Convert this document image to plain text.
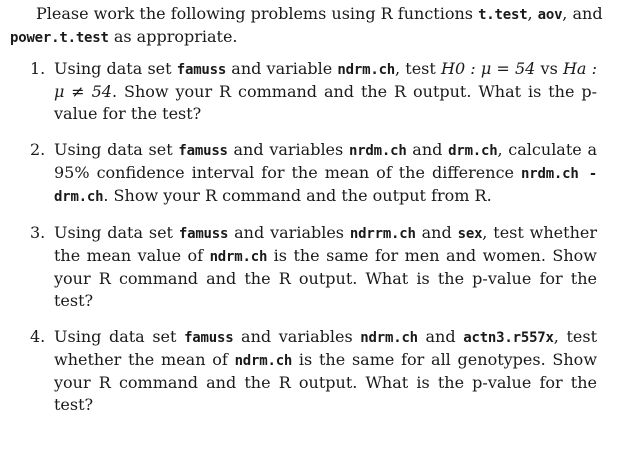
Please work the following problems using R functions t.test, aov, and
power.t.test as appropriate.
1. Using data set famuss and variable ndrm.ch, test H0 : μ = 54 vs Ha : μ ≠ 54. Show your R command and the R output. What is the p-value for the test?

2. Using data set famuss and variables nrdm.ch and drm.ch, calculate a 95% confidence interval for the mean of the difference nrdm.ch - drm.ch. Show your R command and the output from R.

3. Using data set famuss and variables ndrrm.ch and sex, test whether the mean value of ndrm.ch is the same for men and women. Show your R command and the R output. What is the p-value for the test?

4. Using data set famuss and variables ndrm.ch and actn3.r557x, test whether the mean of ndrm.ch is the same for all genotypes. Show your R command and the R output. What is the p-value for the test?
